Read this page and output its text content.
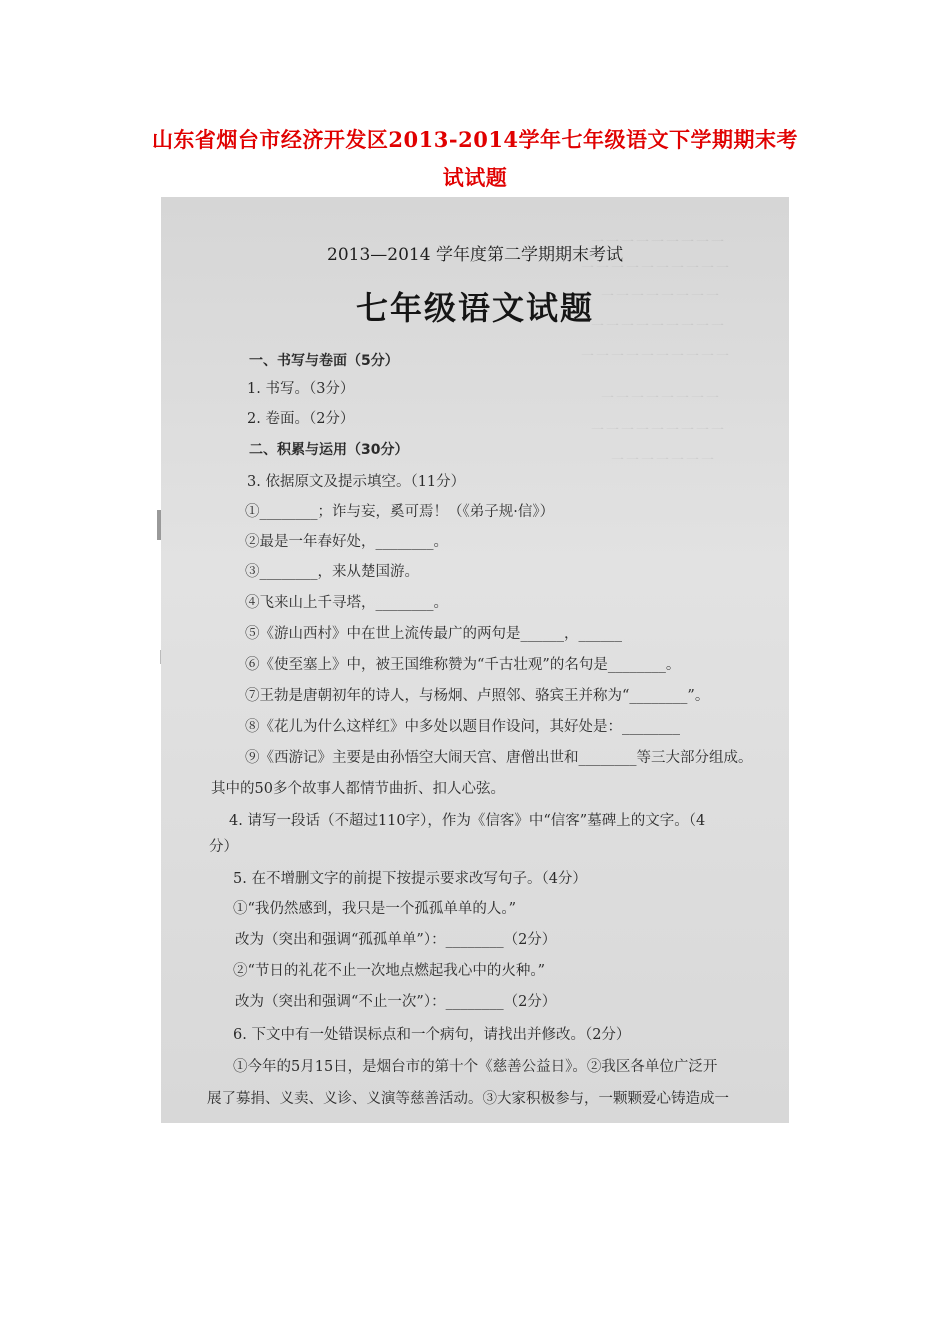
山东省烟台市经济开发区2013-2014学年七年级语文下学期期末考
试试题
一一一一一一一一一
一一一一一一一一一一
一一一一一一一一
一一一一一一一一一
一一一一一一一一一一
一一一一一一一一
一一一一一一一一一
一一一一一一一
2013—2014 学年度第二学期期末考试
七年级语文试题
一、书写与卷面（5分）
1. 书写。（3分）
2. 卷面。（2分）
二、积累与运用（30分）
3. 依据原文及提示填空。（11分）
①________；诈与妄，奚可焉！（《弟子规·信》）
②最是一年春好处，________。
③________，来从楚国游。
④飞来山上千寻塔，________。
⑤《游山西村》中在世上流传最广的两句是______，______
⑥《使至塞上》中，被王国维称赞为“千古壮观”的名句是________。
⑦王勃是唐朝初年的诗人，与杨炯、卢照邻、骆宾王并称为“________”。
⑧《花儿为什么这样红》中多处以题目作设问，其好处是：________
⑨《西游记》主要是由孙悟空大闹天宫、唐僧出世和________等三大部分组成。
其中的50多个故事人都情节曲折、扣人心弦。
4. 请写一段话（不超过110字），作为《信客》中“信客”墓碑上的文字。（4
分）
5. 在不增删文字的前提下按提示要求改写句子。（4分）
①“我仍然感到，我只是一个孤孤单单的人。”
改为（突出和强调“孤孤单单”）：________（2分）
②“节日的礼花不止一次地点燃起我心中的火种。”
改为（突出和强调“不止一次”）：________（2分）
6. 下文中有一处错误标点和一个病句，请找出并修改。（2分）
①今年的5月15日，是烟台市的第十个《慈善公益日》。②我区各单位广泛开
展了募捐、义卖、义诊、义演等慈善活动。③大家积极参与，一颗颗爱心铸造成一
